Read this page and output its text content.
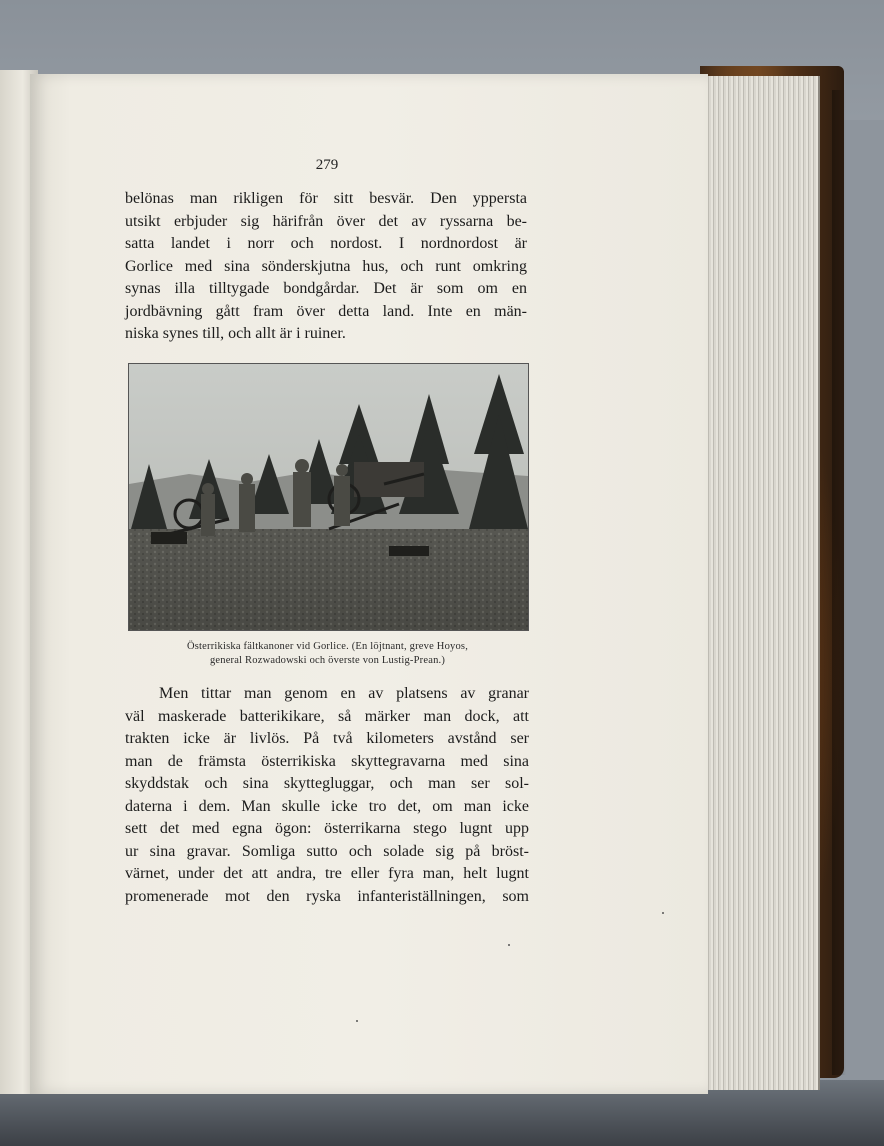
279
belönas man rikligen för sitt besvär. Den yppersta
utsikt erbjuder sig härifrån över det av ryssarna be-
satta landet i norr och nordost. I nordnordost är
Gorlice med sina sönderskjutna hus, och runt omkring
synas illa tilltygade bondgårdar. Det är som om en
jordbävning gått fram över detta land. Inte en män-
niska synes till, och allt är i ruiner.
Österrikiska fältkanoner vid Gorlice. (En löjtnant, greve Hoyos,
general Rozwadowski och överste von Lustig-Prean.)
Men tittar man genom en av platsens av granar
väl maskerade batterikikare, så märker man dock, att
trakten icke är livlös. På två kilometers avstånd ser
man de främsta österrikiska skyttegravarna med sina
skyddstak och sina skyttegluggar, och man ser sol-
daterna i dem. Man skulle icke tro det, om man icke
sett det med egna ögon: österrikarna stego lugnt upp
ur sina gravar. Somliga sutto och solade sig på bröst-
värnet, under det att andra, tre eller fyra man, helt lugnt
promenerade mot den ryska infanteriställningen, som
